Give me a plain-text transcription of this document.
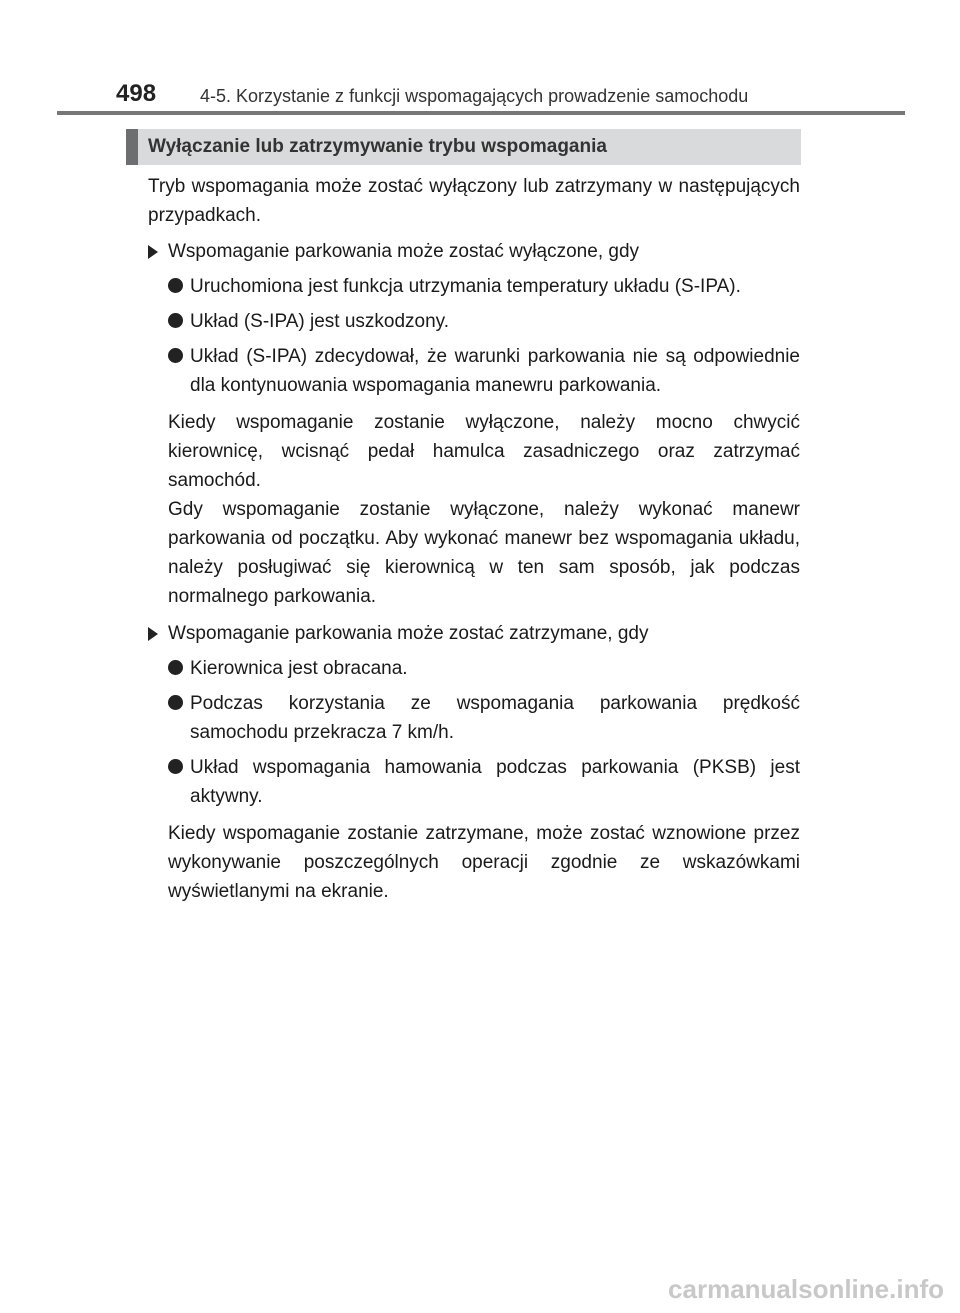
498 4-5. Korzystanie z funkcji wspomagających prowadzenie samochodu
Wyłączanie lub zatrzymywanie trybu wspomagania

Tryb wspomagania może zostać wyłączony lub zatrzymany w następujących przypadkach.

Wspomaganie parkowania może zostać wyłączone, gdy
Uruchomiona jest funkcja utrzymania temperatury układu (S-IPA).
Układ (S-IPA) jest uszkodzony.
Układ (S-IPA) zdecydował, że warunki parkowania nie są odpowiednie dla kontynuowania wspomagania manewru parkowania.

Kiedy wspomaganie zostanie wyłączone, należy mocno chwycić kierownicę, wcisnąć pedał hamulca zasadniczego oraz zatrzymać samochód.

Gdy wspomaganie zostanie wyłączone, należy wykonać manewr parkowania od początku. Aby wykonać manewr bez wspomagania układu, należy posługiwać się kierownicą w ten sam sposób, jak podczas normalnego parkowania.

Wspomaganie parkowania może zostać zatrzymane, gdy
Kierownica jest obracana.
Podczas korzystania ze wspomagania parkowania prędkość samochodu przekracza 7 km/h.
Układ wspomagania hamowania podczas parkowania (PKSB) jest aktywny.

Kiedy wspomaganie zostanie zatrzymane, może zostać wznowione przez wykonywanie poszczególnych operacji zgodnie ze wskazówkami wyświetlanymi na ekranie.

carmanualsonline.info
